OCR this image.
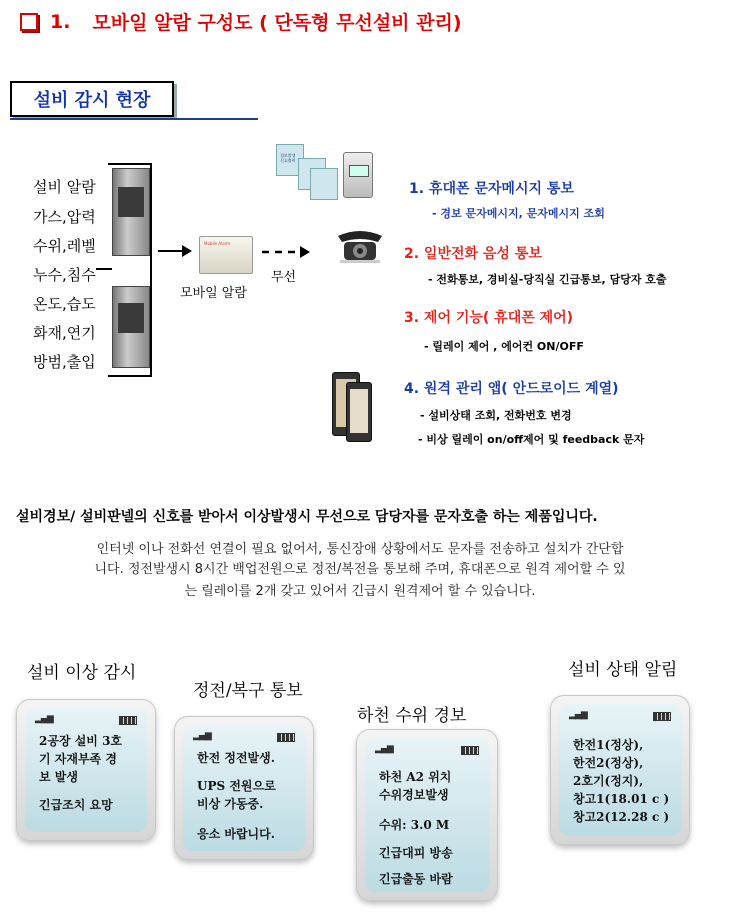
1. 모바일 알람 구성도 ( 단독형 무선설비 관리)
설비 감시 현장
설비 알람
가스,압력
수위,레벨
누수,침수
온도,습도
화재,연기
방범,출입
Mobile Alarm
모바일 알람
무선
경보발생 신호출력
1. 휴대폰 문자메시지 통보
- 경보 문자메시지, 문자메시지 조회
2. 일반전화 음성 통보
- 전화통보, 경비실-당직실 긴급통보, 담당자 호출
3. 제어 기능( 휴대폰 제어)
- 릴레이 제어 , 에어컨 ON/OFF
4. 원격 관리 앱( 안드로이드 계열)
- 설비상태 조회, 전화번호 변경
- 비상 릴레이 on/off제어 및 feedback 문자
설비경보/ 설비판넬의 신호를 받아서 이상발생시 무선으로 담당자를 문자호출 하는 제품입니다.
인터넷 이나 전화선 연결이 필요 없어서, 통신장애 상황에서도 문자를 전송하고 설치가 간단합
니다. 정전발생시 8시간 백업전원으로 정전/복전을 통보해 주며, 휴대폰으로 원격 제어할 수 있
는 릴레이를 2개 갖고 있어서 긴급시 원격제어 할 수 있습니다.
설비 이상 감시
정전/복구 통보
하천 수위 경보
설비 상태 알림
▂▄▆
2공장 설비 3호
기 자재부족 경
보 발생
긴급조치 요망
▂▄▆
한전 정전발생.
UPS 전원으로
비상 가동중.
응소 바랍니다.
▂▄▆
하천 A2 위치
수위경보발생
수위: 3.0 M
긴급대피 방송
긴급출동 바람
▂▄▆
한전1(정상),
한전2(정상),
2호기(정지),
창고1(18.01 c )
창고2(12.28 c )
